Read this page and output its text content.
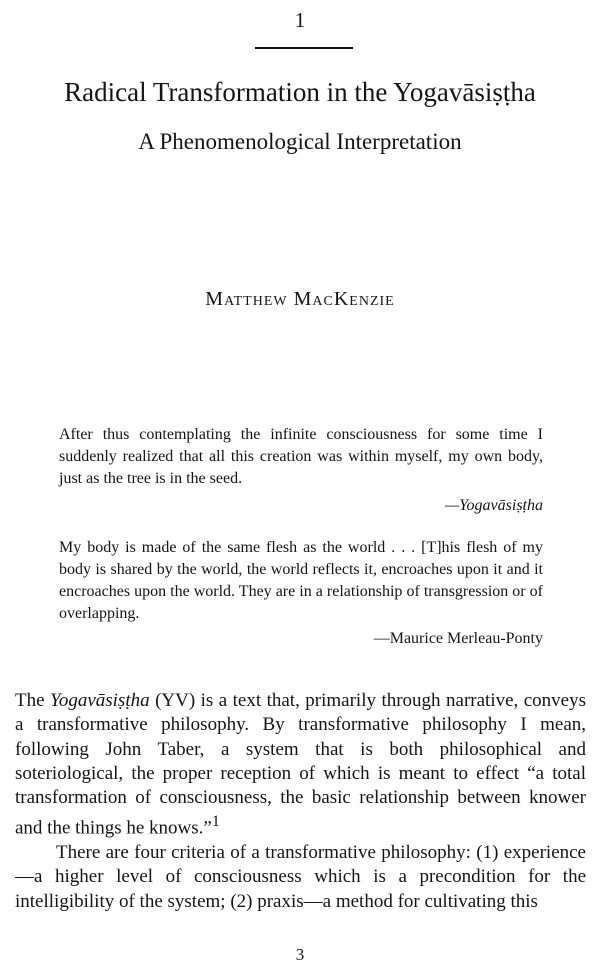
1
Radical Transformation in the Yogavāsiṣṭha
A Phenomenological Interpretation
Matthew MacKenzie

After thus contemplating the infinite consciousness for some time I suddenly realized that all this creation was within myself, my own body, just as the tree is in the seed.

—Yogavāsiṣṭha

My body is made of the same flesh as the world . . . [T]his flesh of my body is shared by the world, the world reflects it, encroaches upon it and it encroaches upon the world. They are in a relationship of transgression or of overlapping.

—Maurice Merleau-Ponty

The Yogavāsiṣṭha (YV) is a text that, primarily through narrative, conveys a transformative philosophy. By transformative philosophy I mean, following John Taber, a system that is both philosophical and soteriological, the proper reception of which is meant to effect “a total transformation of consciousness, the basic relationship between knower and the things he knows.”$^1$

There are four criteria of a transformative philosophy: (1) experience—a higher level of consciousness which is a precondition for the intelligibility of the system; (2) praxis—a method for cultivating this

3
